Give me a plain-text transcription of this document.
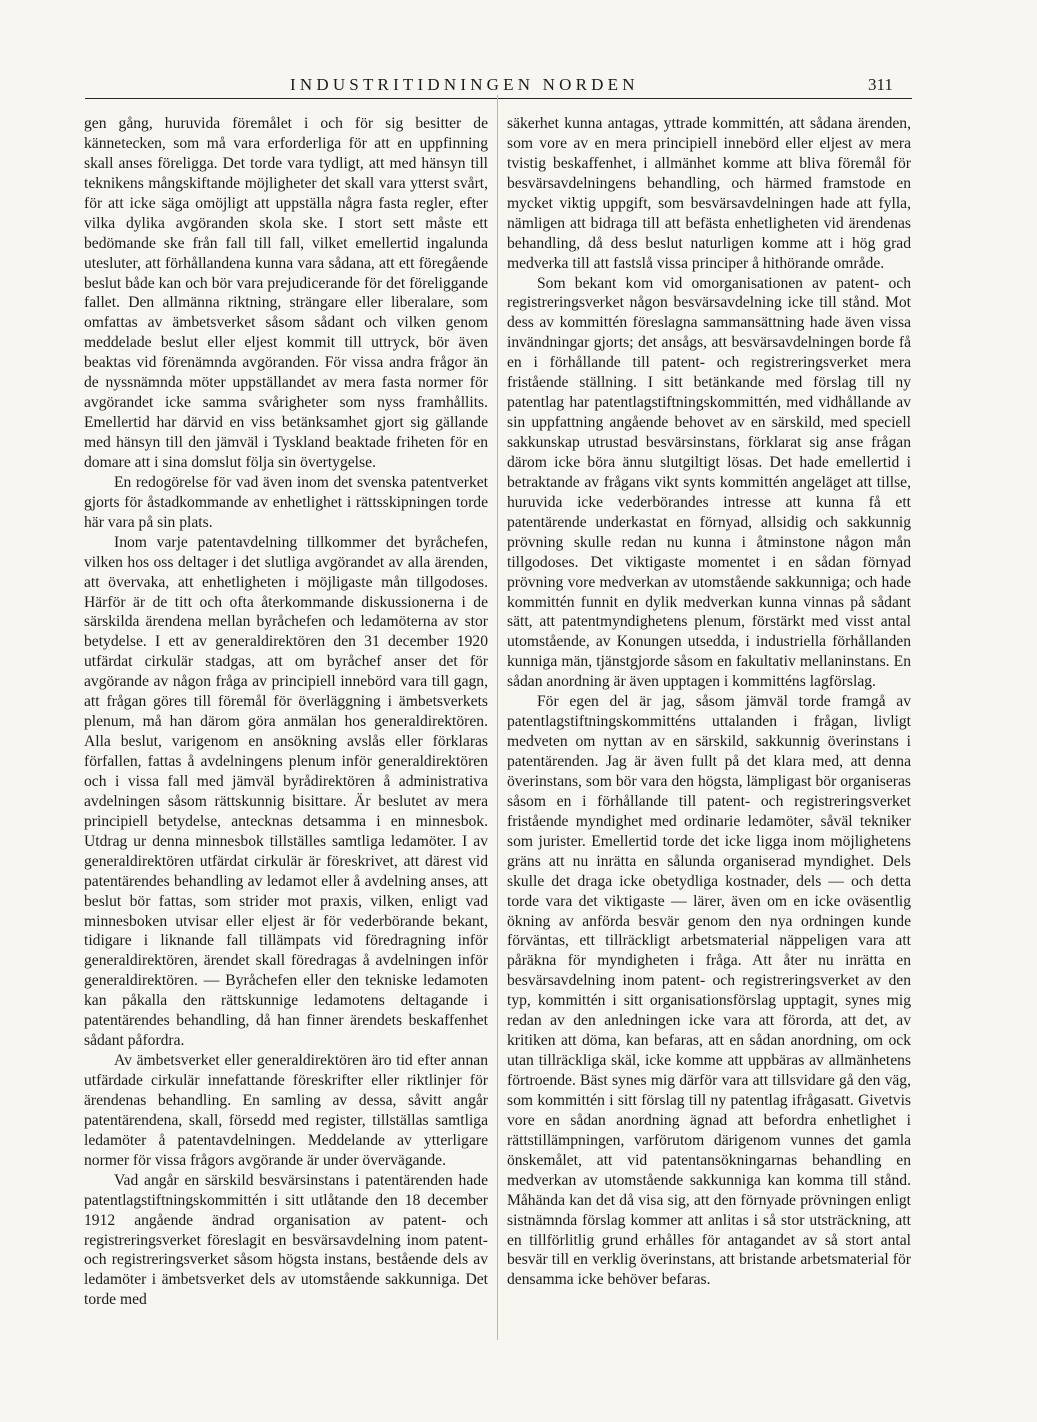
INDUSTRITIDNINGEN NORDEN	311

gen gång, huruvida föremålet i och för sig besitter de kännetecken, som må vara erforderliga för att en uppfinning skall anses föreligga. Det torde vara tydligt, att med hänsyn till teknikens mångskiftande möjligheter det skall vara ytterst svårt, för att icke säga omöjligt att uppställa några fasta regler, efter vilka dylika avgöranden skola ske. I stort sett måste ett bedömande ske från fall till fall, vilket emellertid ingalunda utesluter, att förhållandena kunna vara sådana, att ett föregående beslut både kan och bör vara prejudicerande för det föreliggande fallet. Den allmänna riktning, strängare eller liberalare, som omfattas av ämbetsverket såsom sådant och vilken genom meddelade beslut eller eljest kommit till uttryck, bör även beaktas vid förenämnda avgöranden. För vissa andra frågor än de nyssnämnda möter uppställandet av mera fasta normer för avgörandet icke samma svårigheter som nyss framhållits. Emellertid har därvid en viss betänksamhet gjort sig gällande med hänsyn till den jämväl i Tyskland beaktade friheten för en domare att i sina domslut följa sin övertygelse.

En redogörelse för vad även inom det svenska patentverket gjorts för åstadkommande av enhetlighet i rättsskipningen torde här vara på sin plats.

Inom varje patentavdelning tillkommer det byråchefen, vilken hos oss deltager i det slutliga avgörandet av alla ärenden, att övervaka, att enhetligheten i möjligaste mån tillgodoses. Härför är de titt och ofta återkommande diskussionerna i de särskilda ärendena mellan byråchefen och ledamöterna av stor betydelse. I ett av generaldirektören den 31 december 1920 utfärdat cirkulär stadgas, att om byråchef anser det för avgörande av någon fråga av principiell innebörd vara till gagn, att frågan göres till föremål för överläggning i ämbetsverkets plenum, må han därom göra anmälan hos generaldirektören. Alla beslut, varigenom en ansökning avslås eller förklaras förfallen, fattas å avdelningens plenum inför generaldirektören och i vissa fall med jämväl byrådirektören å administrativa avdelningen såsom rättskunnig bisittare. Är beslutet av mera principiell betydelse, antecknas detsamma i en minnesbok. Utdrag ur denna minnesbok tillställes samtliga ledamöter. I av generaldirektören utfärdat cirkulär är föreskrivet, att därest vid patentärendes behandling av ledamot eller å avdelning anses, att beslut bör fattas, som strider mot praxis, vilken, enligt vad minnesboken utvisar eller eljest är för vederbörande bekant, tidigare i liknande fall tillämpats vid föredragning inför generaldirektören, ärendet skall föredragas å avdelningen inför generaldirektören. — Byråchefen eller den tekniske ledamoten kan påkalla den rättskunnige ledamotens deltagande i patentärendes behandling, då han finner ärendets beskaffenhet sådant påfordra.

Av ämbetsverket eller generaldirektören äro tid efter annan utfärdade cirkulär innefattande föreskrifter eller riktlinjer för ärendenas behandling. En samling av dessa, såvitt angår patentärendena, skall, försedd med register, tillställas samtliga ledamöter å patentavdelningen. Meddelande av ytterligare normer för vissa frågors avgörande är under övervägande.

Vad angår en särskild besvärsinstans i patentärenden hade patentlagstiftningskommittén i sitt utlåtande den 18 december 1912 angående ändrad organisation av patent- och registreringsverket föreslagit en besvärsavdelning inom patent- och registreringsverket såsom högsta instans, bestående dels av ledamöter i ämbetsverket dels av utomstående sakkunniga. Det torde med

säkerhet kunna antagas, yttrade kommittén, att sådana ärenden, som vore av en mera principiell innebörd eller eljest av mera tvistig beskaffenhet, i allmänhet komme att bliva föremål för besvärsavdelningens behandling, och härmed framstode en mycket viktig uppgift, som besvärsavdelningen hade att fylla, nämligen att bidraga till att befästa enhetligheten vid ärendenas behandling, då dess beslut naturligen komme att i hög grad medverka till att fastslå vissa principer å hithörande område.

Som bekant kom vid omorganisationen av patent- och registreringsverket någon besvärsavdelning icke till stånd. Mot dess av kommittén föreslagna sammansättning hade även vissa invändningar gjorts; det ansågs, att besvärsavdelningen borde få en i förhållande till patent- och registreringsverket mera fristående ställning. I sitt betänkande med förslag till ny patentlag har patentlagstiftningskommittén, med vidhållande av sin uppfattning angående behovet av en särskild, med speciell sakkunskap utrustad besvärsinstans, förklarat sig anse frågan därom icke böra ännu slutgiltigt lösas. Det hade emellertid i betraktande av frågans vikt synts kommittén angeläget att tillse, huruvida icke vederbörandes intresse att kunna få ett patentärende underkastat en förnyad, allsidig och sakkunnig prövning skulle redan nu kunna i åtminstone någon mån tillgodoses. Det viktigaste momentet i en sådan förnyad prövning vore medverkan av utomstående sakkunniga; och hade kommittén funnit en dylik medverkan kunna vinnas på sådant sätt, att patentmyndighetens plenum, förstärkt med visst antal utomstående, av Konungen utsedda, i industriella förhållanden kunniga män, tjänstgjorde såsom en fakultativ mellaninstans. En sådan anordning är även upptagen i kommitténs lagförslag.

För egen del är jag, såsom jämväl torde framgå av patentlagstiftningskommitténs uttalanden i frågan, livligt medveten om nyttan av en särskild, sakkunnig överinstans i patentärenden. Jag är även fullt på det klara med, att denna överinstans, som bör vara den högsta, lämpligast bör organiseras såsom en i förhållande till patent- och registreringsverket fristående myndighet med ordinarie ledamöter, såväl tekniker som jurister. Emellertid torde det icke ligga inom möjlighetens gräns att nu inrätta en sålunda organiserad myndighet. Dels skulle det draga icke obetydliga kostnader, dels — och detta torde vara det viktigaste — lärer, även om en icke oväsentlig ökning av anförda besvär genom den nya ordningen kunde förväntas, ett tillräckligt arbetsmaterial näppeligen vara att påräkna för myndigheten i fråga. Att åter nu inrätta en besvärsavdelning inom patent- och registreringsverket av den typ, kommittén i sitt organisationsförslag upptagit, synes mig redan av den anledningen icke vara att förorda, att det, av kritiken att döma, kan befaras, att en sådan anordning, om ock utan tillräckliga skäl, icke komme att uppbäras av allmänhetens förtroende. Bäst synes mig därför vara att tillsvidare gå den väg, som kommittén i sitt förslag till ny patentlag ifrågasatt. Givetvis vore en sådan anordning ägnad att befordra enhetlighet i rättstillämpningen, varförutom därigenom vunnes det gamla önskemålet, att vid patentansökningarnas behandling en medverkan av utomstående sakkunniga kan komma till stånd. Måhända kan det då visa sig, att den förnyade prövningen enligt sistnämnda förslag kommer att anlitas i så stor utsträckning, att en tillförlitlig grund erhålles för antagandet av så stort antal besvär till en verklig överinstans, att bristande arbetsmaterial för densamma icke behöver befaras.
